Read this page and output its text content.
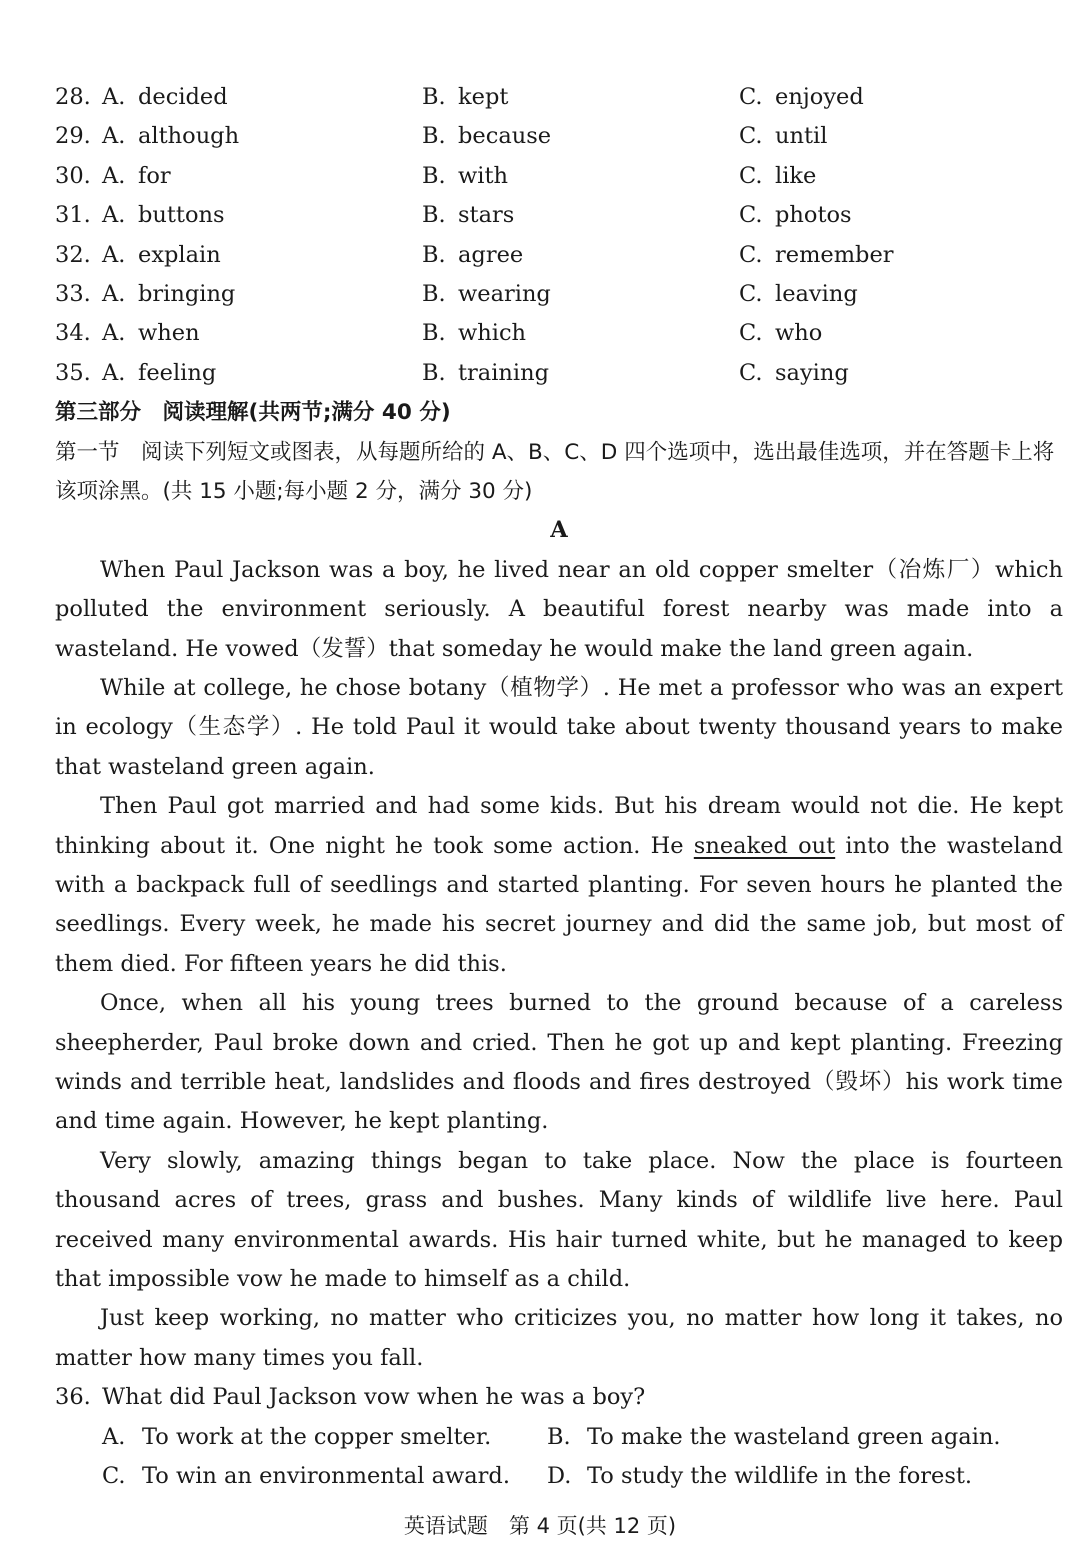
28. A. decided	B. kept	C. enjoyed
29. A. although	B. because	C. until
30. A. for	B. with	C. like
31. A. buttons	B. stars	C. photos
32. A. explain	B. agree	C. remember
33. A. bringing	B. wearing	C. leaving
34. A. when	B. which	C. who
35. A. feeling	B. training	C. saying
第三部分　阅读理解(共两节;满分 40 分)
第一节　阅读下列短文或图表，从每题所给的 A、B、C、D 四个选项中，选出最佳选项，并在答题卡上将该项涂黑。(共 15 小题;每小题 2 分，满分 30 分)
A

When Paul Jackson was a boy, he lived near an old copper smelter（冶炼厂）which polluted the environment seriously. A beautiful forest nearby was made into a wasteland. He vowed（发誓）that someday he would make the land green again.

While at college, he chose botany（植物学）. He met a professor who was an expert in ecology（生态学）. He told Paul it would take about twenty thousand years to make that wasteland green again.

Then Paul got married and had some kids. But his dream would not die. He kept thinking about it. One night he took some action. He sneaked out into the wasteland with a backpack full of seedlings and started planting. For seven hours he planted the seedlings. Every week, he made his secret journey and did the same job, but most of them died. For fifteen years he did this.

Once, when all his young trees burned to the ground because of a careless sheepherder, Paul broke down and cried. Then he got up and kept planting. Freezing winds and terrible heat, landslides and floods and fires destroyed（毁坏）his work time and time again. However, he kept planting.

Very slowly, amazing things began to take place. Now the place is fourteen thousand acres of trees, grass and bushes. Many kinds of wildlife live here. Paul received many environmental awards. His hair turned white, but he managed to keep that impossible vow he made to himself as a child.

Just keep working, no matter who criticizes you, no matter how long it takes, no matter how many times you fall.

36. What did Paul Jackson vow when he was a boy?
A. To work at the copper smelter.	B. To make the wasteland green again.
C. To win an environmental award.	D. To study the wildlife in the forest.
英语试题　第 4 页(共 12 页)
